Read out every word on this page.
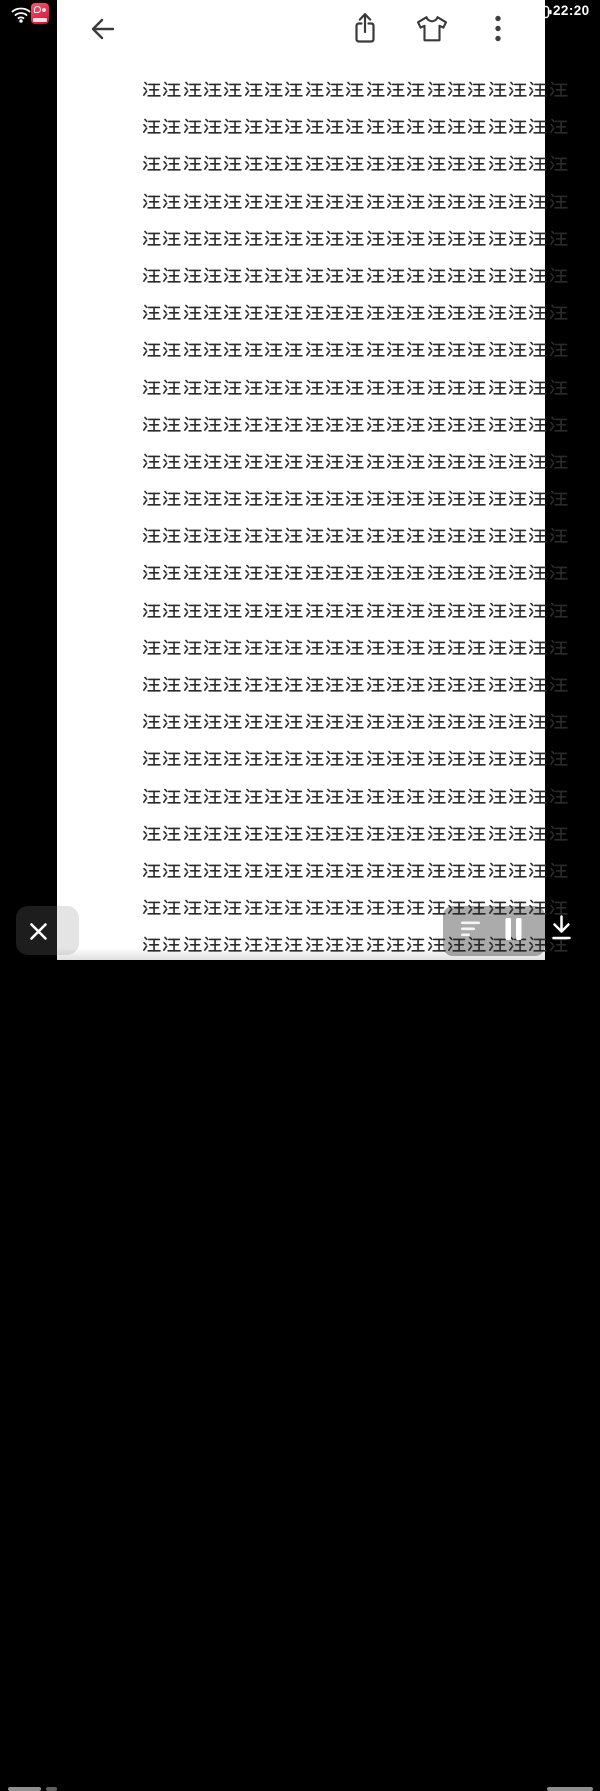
22:20
